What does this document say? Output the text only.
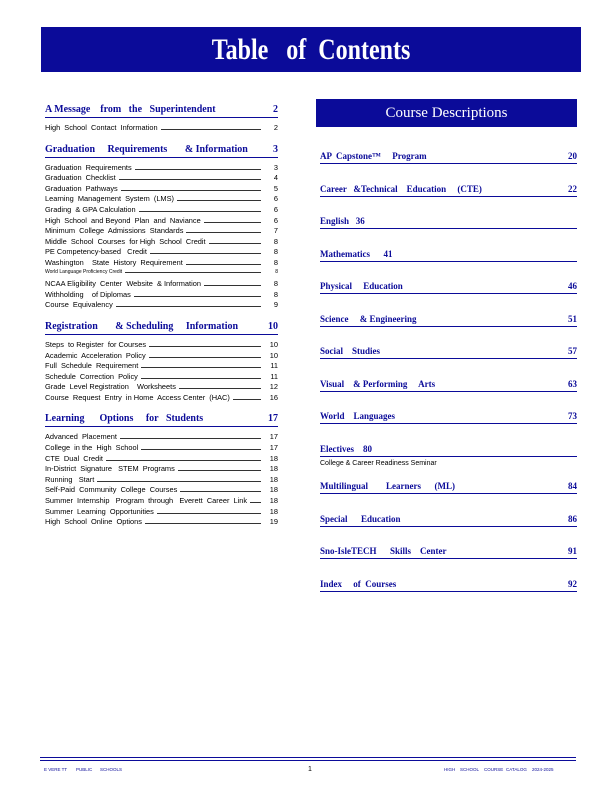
Table   of  Contents
A Message    from   the   Superintendent	2
High  School  Contact  Information	2
Graduation     Requirements       & Information	3
Graduation  Requirements	3
Graduation  Checklist	4
Graduation  Pathways	5
Learning  Management  System  (LMS)	6
Grading  & GPA Calculation	6
High  School  and Beyond  Plan  and  Naviance	6
Minimum  College  Admissions  Standards	7
Middle  School  Courses  for High  School  Credit	8
PE Competency-based   Credit	8
Washington    State  History  Requirement	8
World Language Proficiency Credit	8
NCAA Eligibility  Center  Website  & Information	8
Withholding    of Diplomas	8
Course  Equivalency	9
Registration       & Scheduling     Information	10
Steps  to Register  for Courses	10
Academic  Acceleration  Policy	10
Full  Schedule  Requirement	11
Schedule  Correction  Policy	11
Grade  Level Registration    Worksheets	12
Course  Request  Entry  in Home  Access Center  (HAC)	16
Learning      Options     for   Students	17
Advanced  Placement	17
College  in the  High  School	17
CTE  Dual  Credit	18
In-District  Signature   STEM  Programs	18
Running   Start	18
Self-Paid  Community  College  Courses	18
Summer  Internship   Program  through   Everett  Career  Link	18
Summer  Learning  Opportunities	18
High  School  Online  Options	19
Course Descriptions
AP  Capstone™     Program	20
Career   &Technical    Education     (CTE)	22
English   36
Mathematics      41
Physical     Education	46
Science     & Engineering	51
Social    Studies	57
Visual    & Performing     Arts	63
World    Languages	73
Electives    80
College & Career Readiness Seminar
Multilingual        Learners      (ML)	84
Special      Education	86
Sno-IsleTECH      Skills    Center	91
Index     of  Courses	92
E VERE TT PUBLIC SCHOOLS	1	HIGH SCHOOL COURSE CATALOG 2024-2025
